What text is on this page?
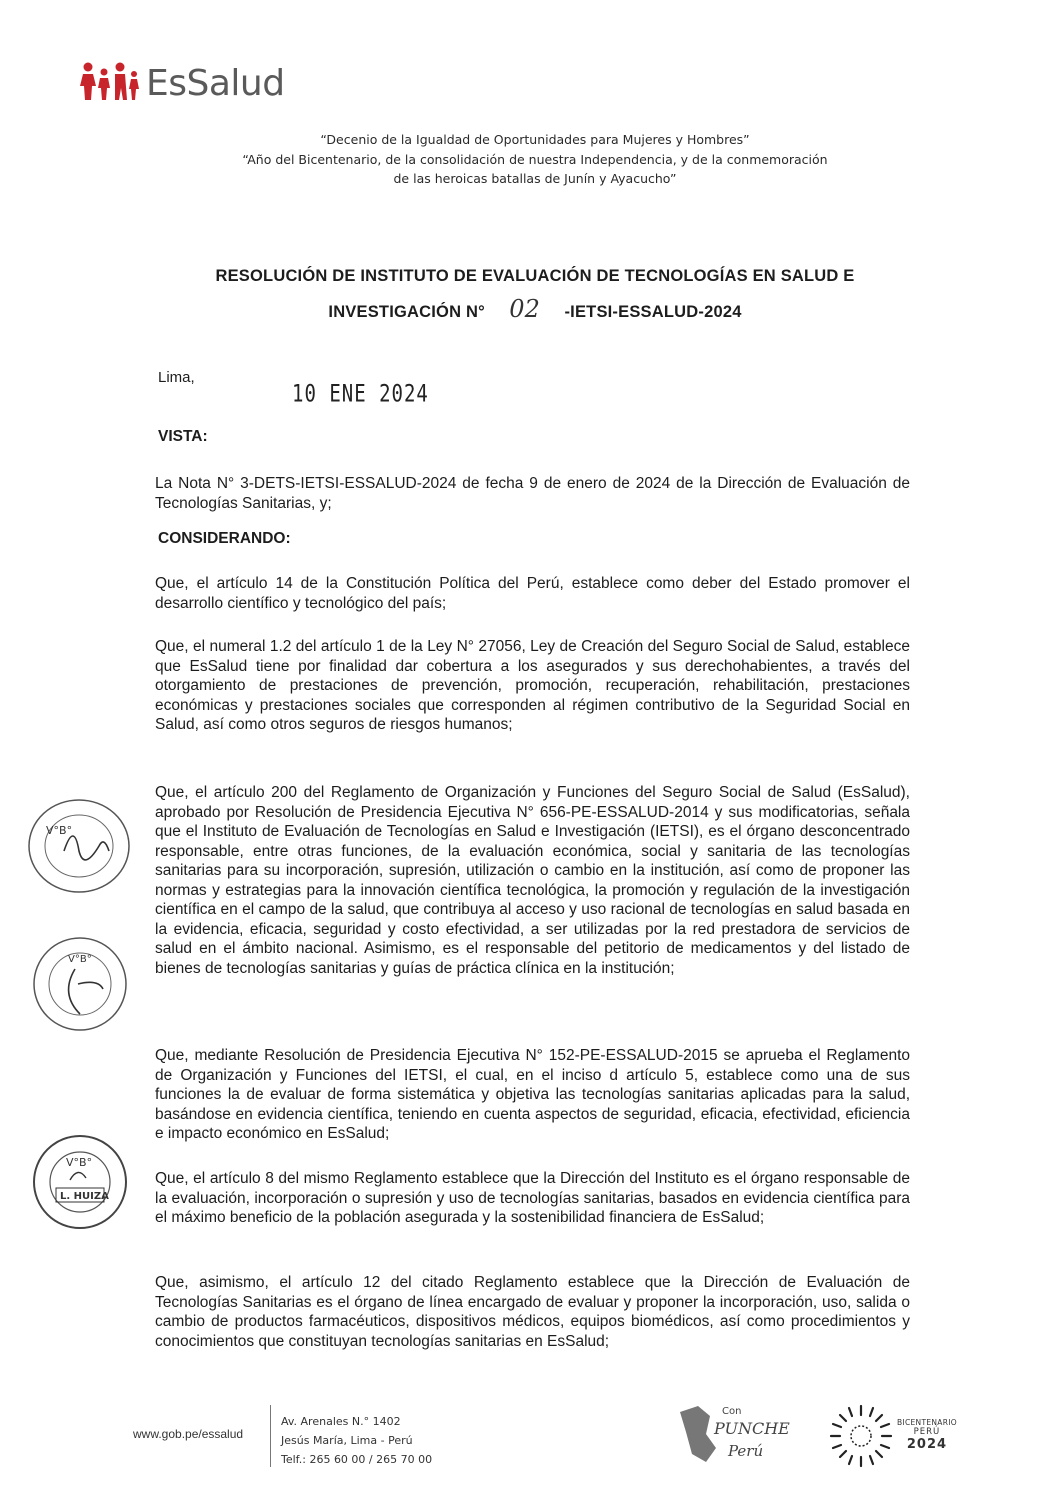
EsSalud
“Decenio de la Igualdad de Oportunidades para Mujeres y Hombres”
“Año del Bicentenario, de la consolidación de nuestra Independencia, y de la conmemoración
de las heroicas batallas de Junín y Ayacucho”
RESOLUCIÓN DE INSTITUTO DE EVALUACIÓN DE TECNOLOGÍAS EN SALUD E
INVESTIGACIÓN N° 02 -IETSI-ESSALUD-2024
Lima,
10 ENE 2024
VISTA:
La Nota N° 3-DETS-IETSI-ESSALUD-2024 de fecha 9 de enero de 2024 de la Dirección de Evaluación de Tecnologías Sanitarias, y;
CONSIDERANDO:
Que, el artículo 14 de la Constitución Política del Perú, establece como deber del Estado promover el desarrollo científico y tecnológico del país;
Que, el numeral 1.2 del artículo 1 de la Ley N° 27056, Ley de Creación del Seguro Social de Salud, establece que EsSalud tiene por finalidad dar cobertura a los asegurados y sus derechohabientes, a través del otorgamiento de prestaciones de prevención, promoción, recuperación, rehabilitación, prestaciones económicas y prestaciones sociales que corresponden al régimen contributivo de la Seguridad Social en Salud, así como otros seguros de riesgos humanos;
Que, el artículo 200 del Reglamento de Organización y Funciones del Seguro Social de Salud (EsSalud), aprobado por Resolución de Presidencia Ejecutiva N° 656-PE-ESSALUD-2014 y sus modificatorias, señala que el Instituto de Evaluación de Tecnologías en Salud e Investigación (IETSI), es el órgano desconcentrado responsable, entre otras funciones, de la evaluación económica, social y sanitaria de las tecnologías sanitarias para su incorporación, supresión, utilización o cambio en la institución, así como de proponer las normas y estrategias para la innovación científica tecnológica, la promoción y regulación de la investigación científica en el campo de la salud, que contribuya al acceso y uso racional de tecnologías en salud basada en la evidencia, eficacia, seguridad y costo efectividad, a ser utilizadas por la red prestadora de servicios de salud en el ámbito nacional. Asimismo, es el responsable del petitorio de medicamentos y del listado de bienes de tecnologías sanitarias y guías de práctica clínica en la institución;
Que, mediante Resolución de Presidencia Ejecutiva N° 152-PE-ESSALUD-2015 se aprueba el Reglamento de Organización y Funciones del IETSI, el cual, en el inciso d artículo 5, establece como una de sus funciones la de evaluar de forma sistemática y objetiva las tecnologías sanitarias aplicadas para la salud, basándose en evidencia científica, teniendo en cuenta aspectos de seguridad, eficacia, efectividad, eficiencia e impacto económico en EsSalud;
Que, el artículo 8 del mismo Reglamento establece que la Dirección del Instituto es el órgano responsable de la evaluación, incorporación o supresión y uso de tecnologías sanitarias, basados en evidencia científica para el máximo beneficio de la población asegurada y la sostenibilidad financiera de EsSalud;
Que, asimismo, el artículo 12 del citado Reglamento establece que la Dirección de Evaluación de Tecnologías Sanitarias es el órgano de línea encargado de evaluar y proponer la incorporación, uso, salida o cambio de productos farmacéuticos, dispositivos médicos, equipos biomédicos, así como procedimientos y conocimientos que constituyan tecnologías sanitarias en EsSalud;
V°B°
V°B°
V°B°
L. HUIZA
www.gob.pe/essalud
Av. Arenales N.° 1402
Jesús María, Lima - Perú
Telf.: 265 60 00 / 265 70 00
Con
PUNCHE
Perú
BICENTENARIO
PERÚ
2024
